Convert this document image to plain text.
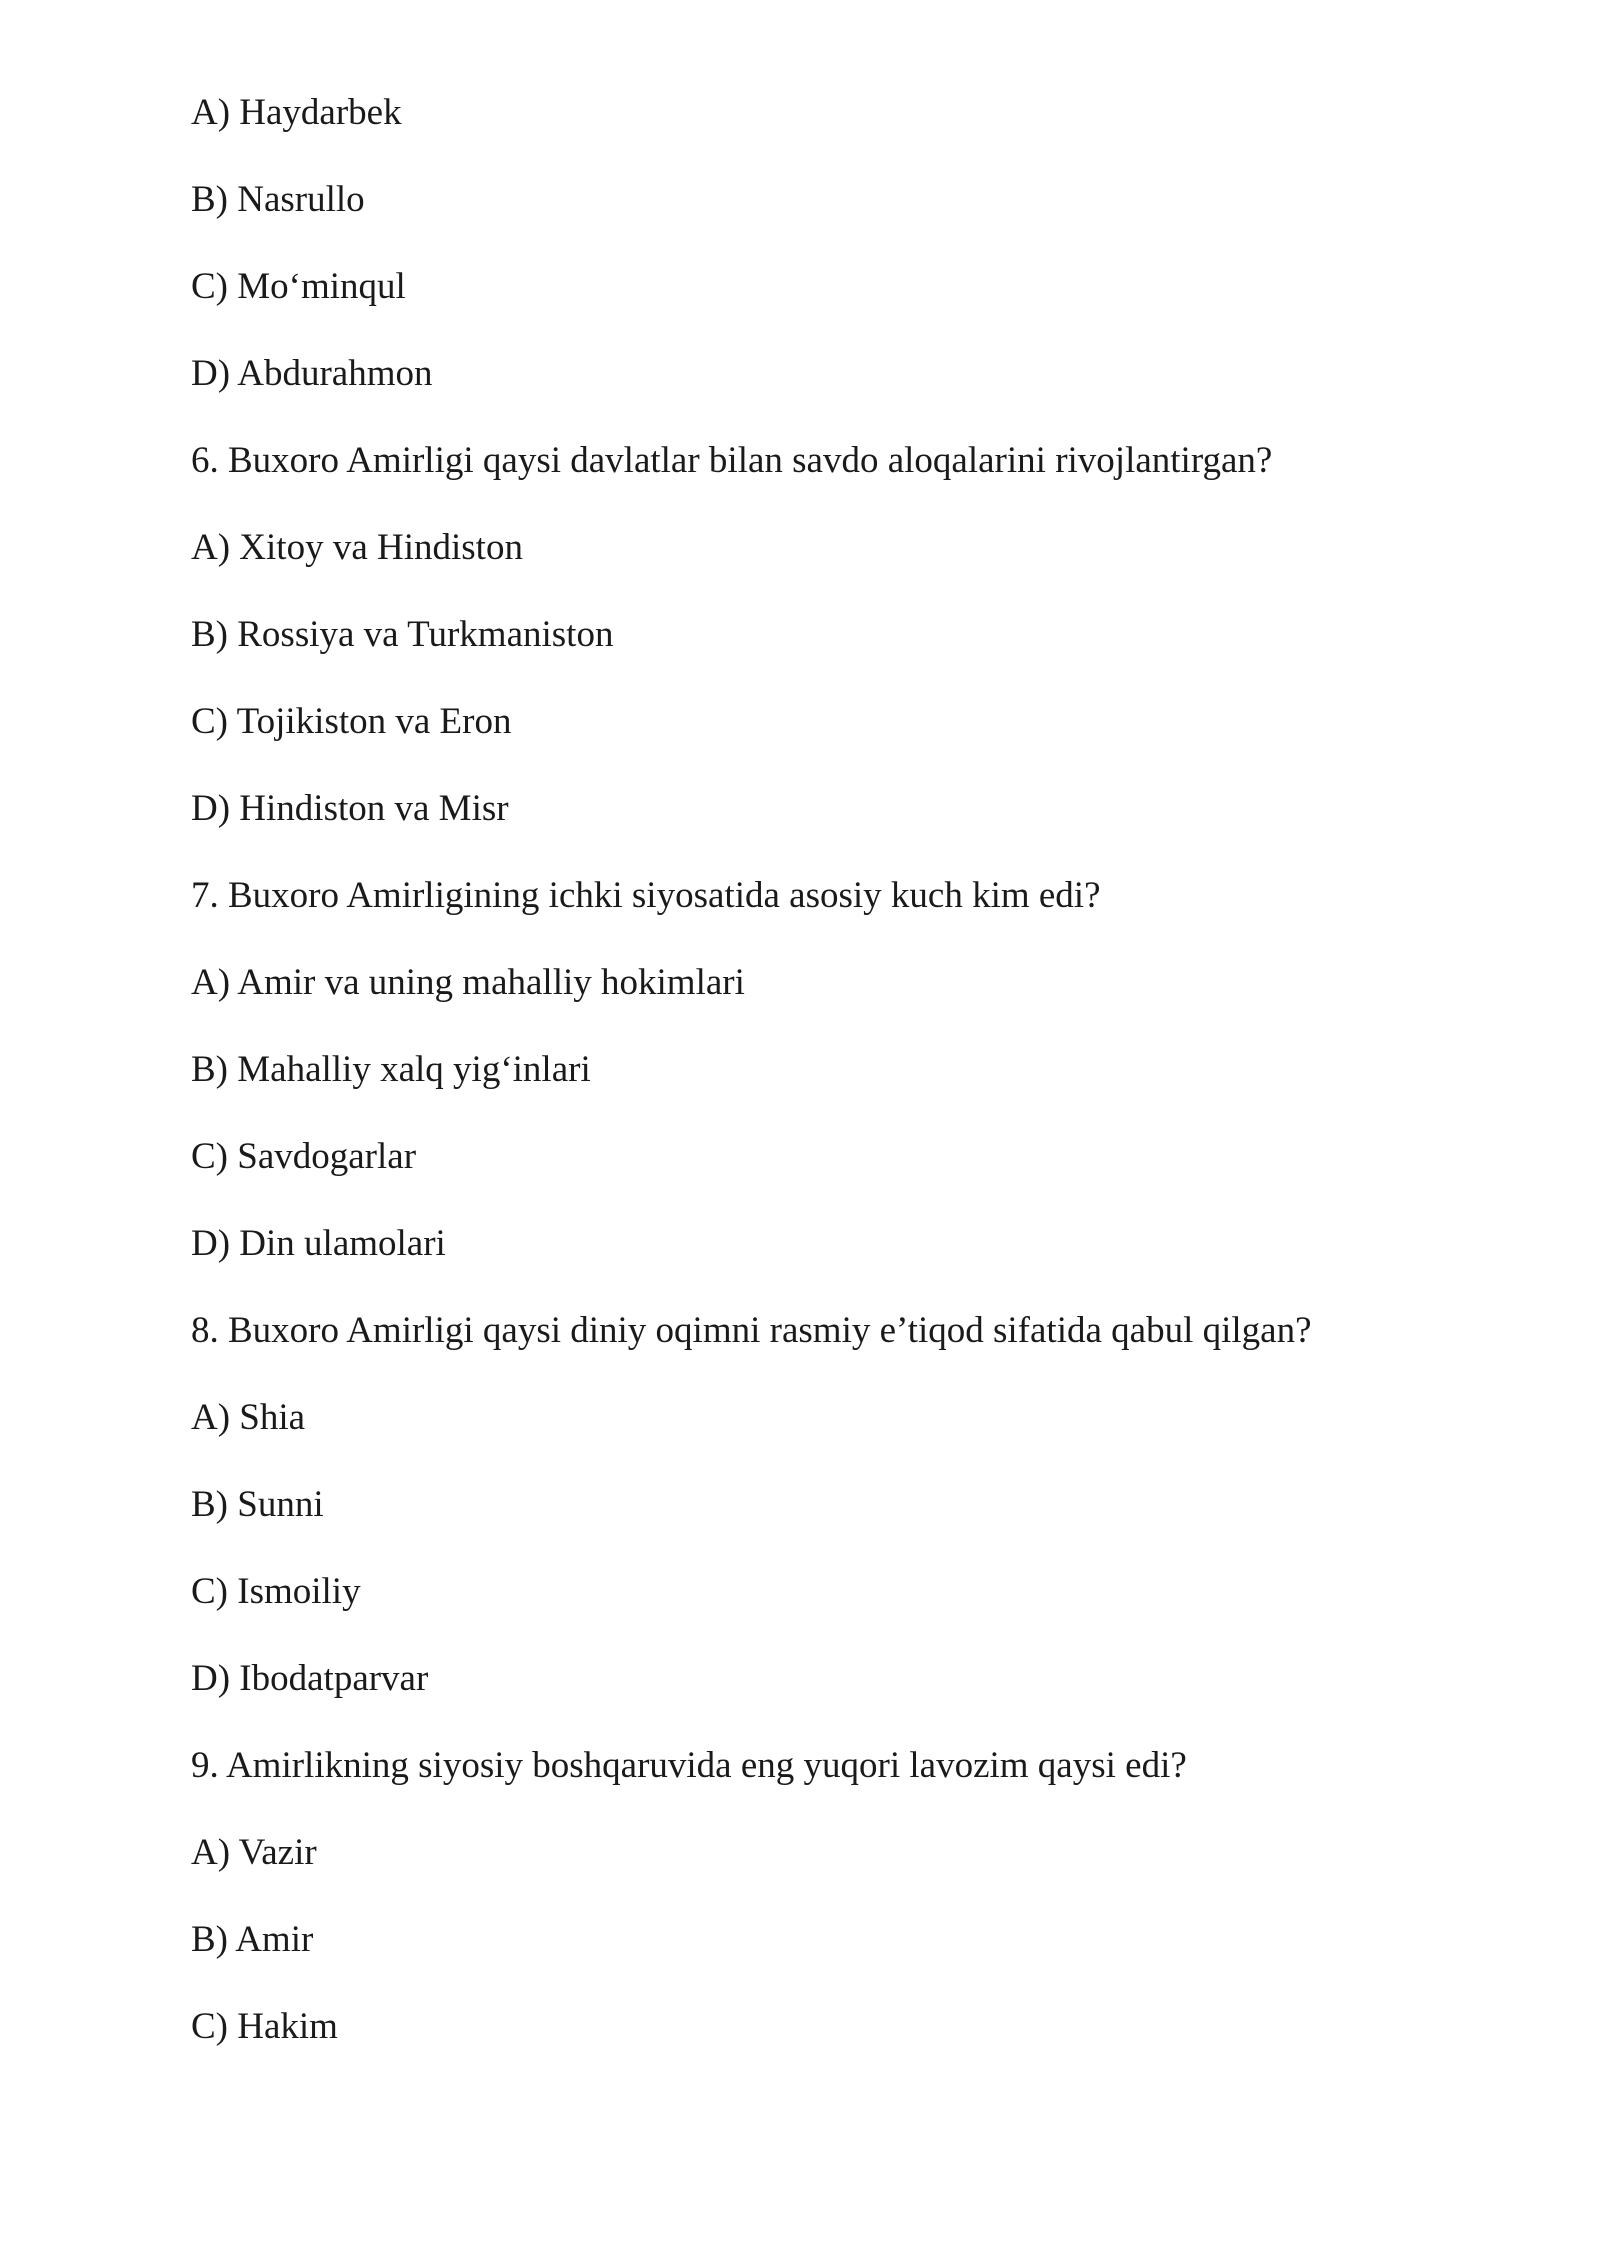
A) Haydarbek

B) Nasrullo

C) Mo‘minqul

D) Abdurahmon

6. Buxoro Amirligi qaysi davlatlar bilan savdo aloqalarini rivojlantirgan?

A) Xitoy va Hindiston

B) Rossiya va Turkmaniston

C) Tojikiston va Eron

D) Hindiston va Misr

7. Buxoro Amirligining ichki siyosatida asosiy kuch kim edi?

A) Amir va uning mahalliy hokimlari

B) Mahalliy xalq yig‘inlari

C) Savdogarlar

D) Din ulamolari

8. Buxoro Amirligi qaysi diniy oqimni rasmiy e’tiqod sifatida qabul qilgan?

A) Shia

B) Sunni

C) Ismoiliy

D) Ibodatparvar

9. Amirlikning siyosiy boshqaruvida eng yuqori lavozim qaysi edi?

A) Vazir

B) Amir

C) Hakim
